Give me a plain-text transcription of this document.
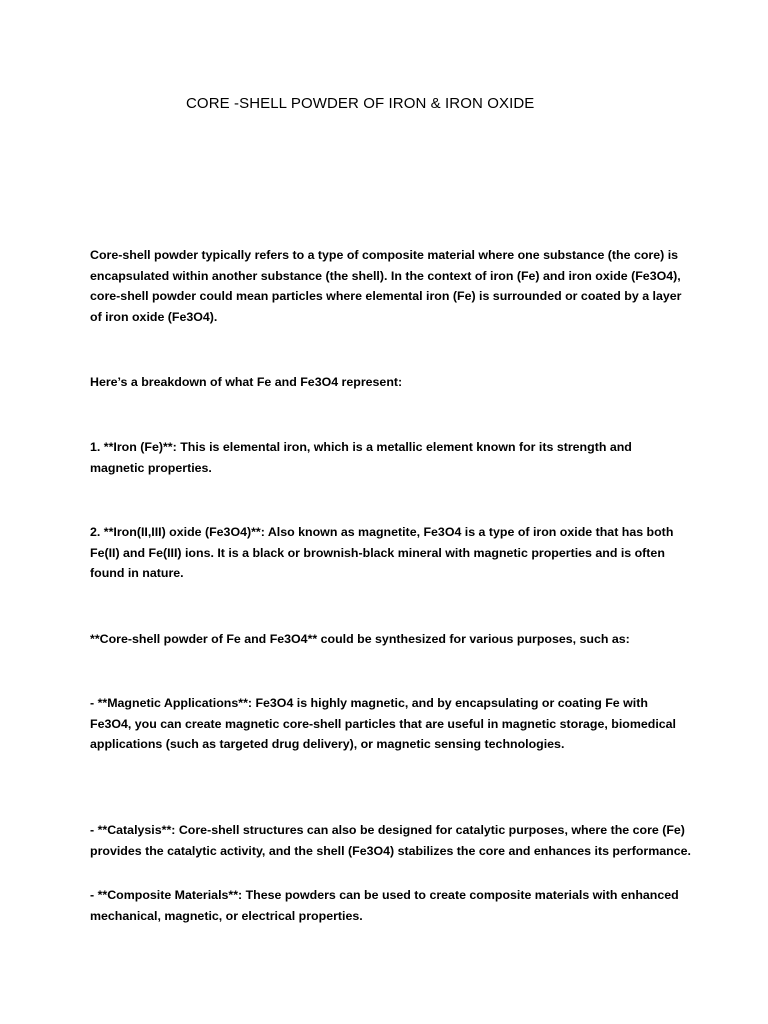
CORE -SHELL POWDER OF IRON & IRON OXIDE

Core-shell powder typically refers to a type of composite material where one substance (the core) is
encapsulated within another substance (the shell). In the context of iron (Fe) and iron oxide (Fe3O4),
core-shell powder could mean particles where elemental iron (Fe) is surrounded or coated by a layer
of iron oxide (Fe3O4).

Here’s a breakdown of what Fe and Fe3O4 represent:

1. **Iron (Fe)**: This is elemental iron, which is a metallic element known for its strength and
magnetic properties.

2. **Iron(II,III) oxide (Fe3O4)**: Also known as magnetite, Fe3O4 is a type of iron oxide that has both
Fe(II) and Fe(III) ions. It is a black or brownish-black mineral with magnetic properties and is often
found in nature.

**Core-shell powder of Fe and Fe3O4** could be synthesized for various purposes, such as:

- **Magnetic Applications**: Fe3O4 is highly magnetic, and by encapsulating or coating Fe with
Fe3O4, you can create magnetic core-shell particles that are useful in magnetic storage, biomedical
applications (such as targeted drug delivery), or magnetic sensing technologies.

- **Catalysis**: Core-shell structures can also be designed for catalytic purposes, where the core (Fe)
provides the catalytic activity, and the shell (Fe3O4) stabilizes the core and enhances its performance.

- **Composite Materials**: These powders can be used to create composite materials with enhanced
mechanical, magnetic, or electrical properties.
